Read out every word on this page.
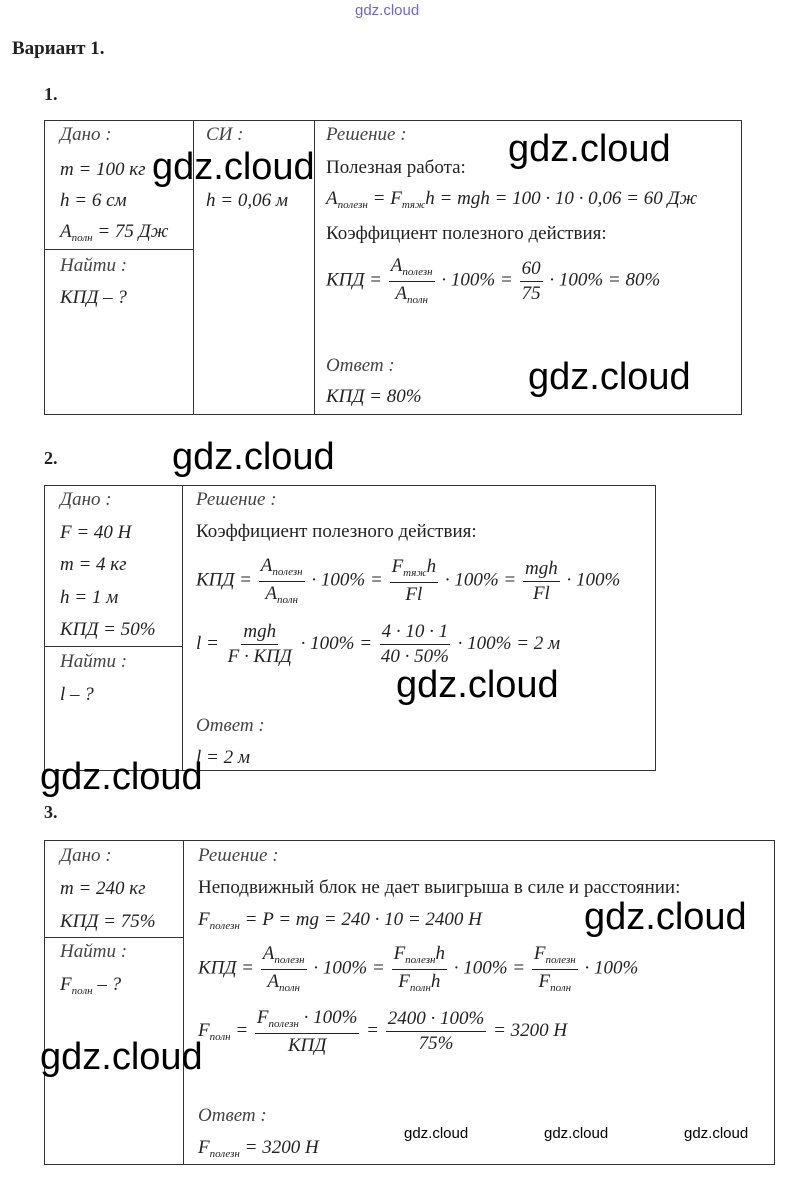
gdz.cloud
Вариант 1.
1.
Дано :
m = 100 кг
h = 6 см
$A_{полн} = 75$ Дж
Найти :
КПД – ?
СИ :
h = 0,06 м
Решение :
Полезная работа:
$A_{полезн} = F_{тяж}h$ = mgh = 100 · 10 · 0,06 = 60 Дж
Коэффициент полезного действия:
КПД = $\frac{A_{полезн}}{A_{полн}} \cdot 100\% = \frac{60}{75} \cdot 100\% = 80\%$
Ответ :
КПД = 80%
gdz.cloud	gdz.cloud
gdz.cloud
2.	gdz.cloud
Дано :
F = 40 Н
m = 4 кг
h = 1 м
КПД = 50%
Найти :
l – ?
Решение :
Коэффициент полезного действия:
КПД = $\frac{A_{полезн}}{A_{полн}} \cdot 100\% = \frac{F_{тяж}h}{Fl} \cdot 100\% = \frac{\text{mgh}}{Fl} \cdot 100\%$
$l = \frac{\text{mgh}}{\text{F · КПД}} \cdot 100\% = \frac{4 \cdot 10 \cdot 1}{40 \cdot 50\%} \cdot 100\% = 2$ м
Ответ :
l = 2 м
gdz.cloud
gdz.cloud
3.
Дано :
m = 240 кг
КПД = 75%
Найти :
$F_{полн}$ – ?
Решение :
Неподвижный блок не дает выигрыша в силе и расстоянии:
$F_{полезн} = P$ = mg = 240 · 10 = 2400 Н
КПД = $\frac{A_{полезн}}{A_{полн}} \cdot 100\% = \frac{F_{полезн}h}{F_{полн}h} \cdot 100\% = \frac{F_{полезн}}{F_{полн}} \cdot 100\%$
$F_{полн} = \frac{F_{полезн} \cdot 100\%}{\text{КПД}} = \frac{2400 \cdot 100\%}{75\%} = 3200$ Н
Ответ :
$F_{полезн} = 3200$ Н
gdz.cloud
gdz.cloud
gdz.cloud	gdz.cloud	gdz.cloud
